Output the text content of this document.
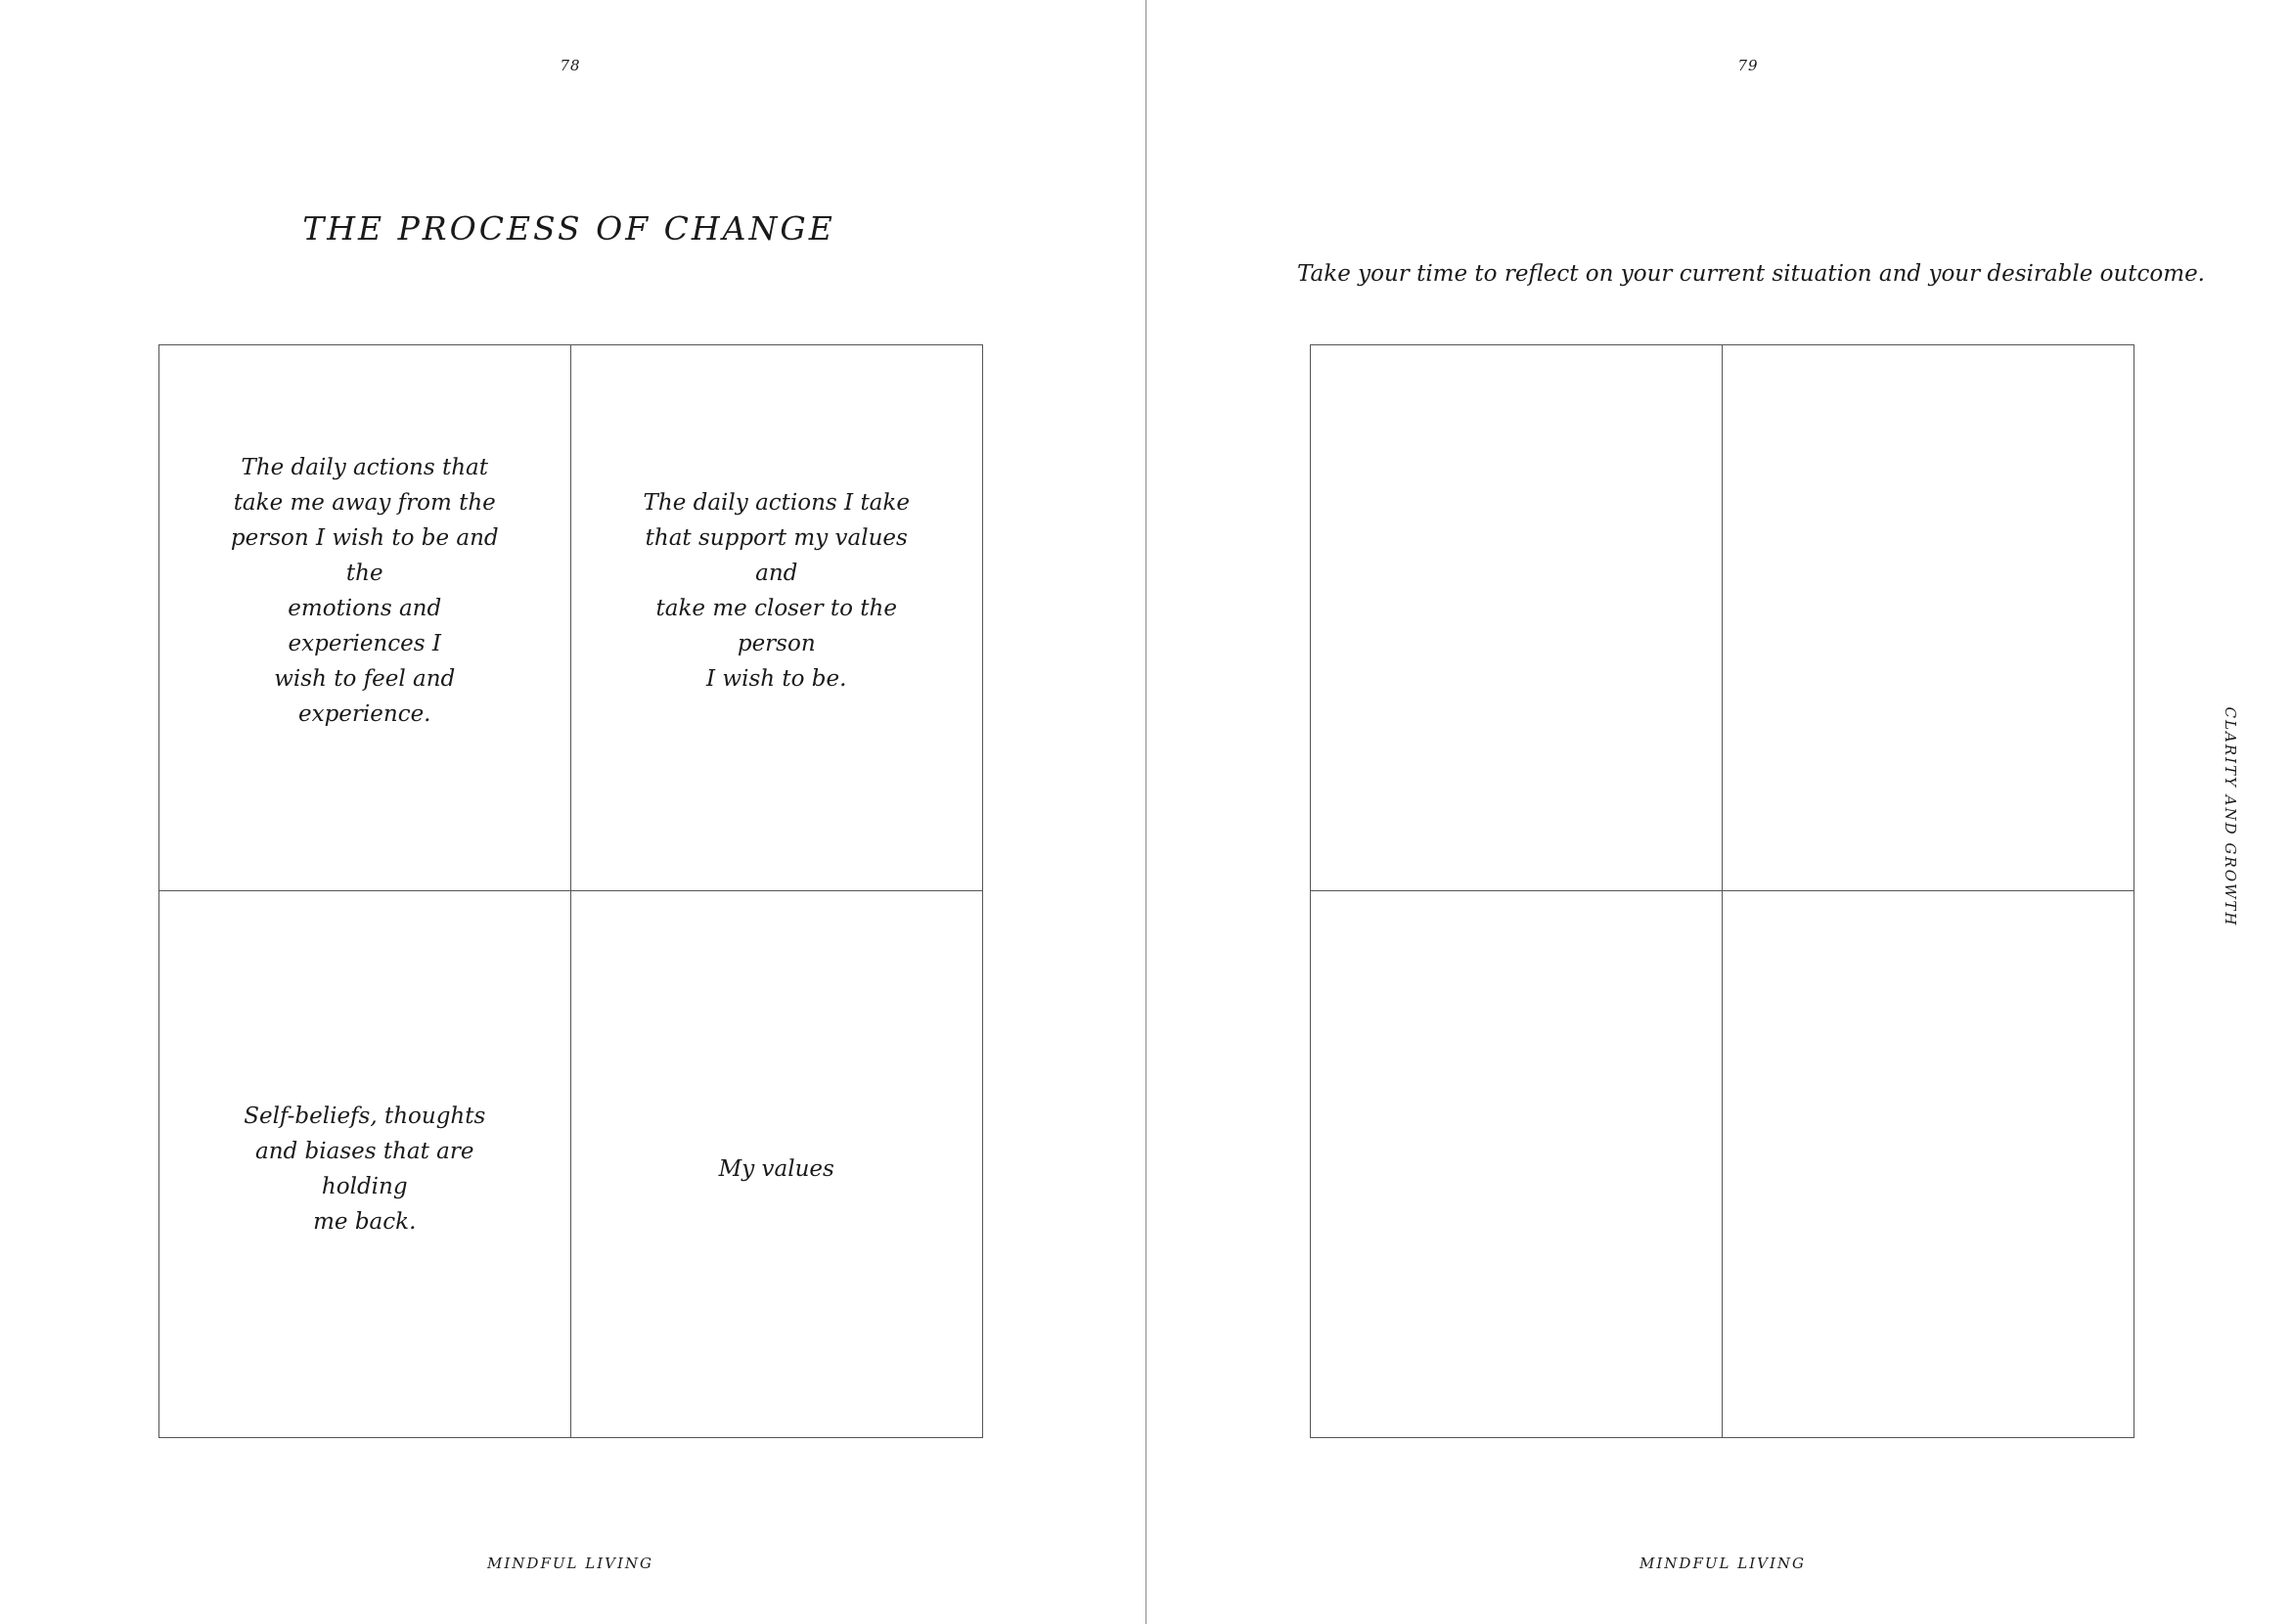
78
THE PROCESS OF CHANGE
The daily actions that
take me away from the
person I wish to be and the
emotions and experiences I
wish to feel and experience.
The daily actions I take
that support my values and
take me closer to the person
I wish to be.
Self-beliefs, thoughts
and biases that are holding
me back.
My values
MINDFUL LIVING
79
MINDFUL LIVING

Take your time to reflect on your current situation and your desirable outcome.

CLARITY AND GROWTH
